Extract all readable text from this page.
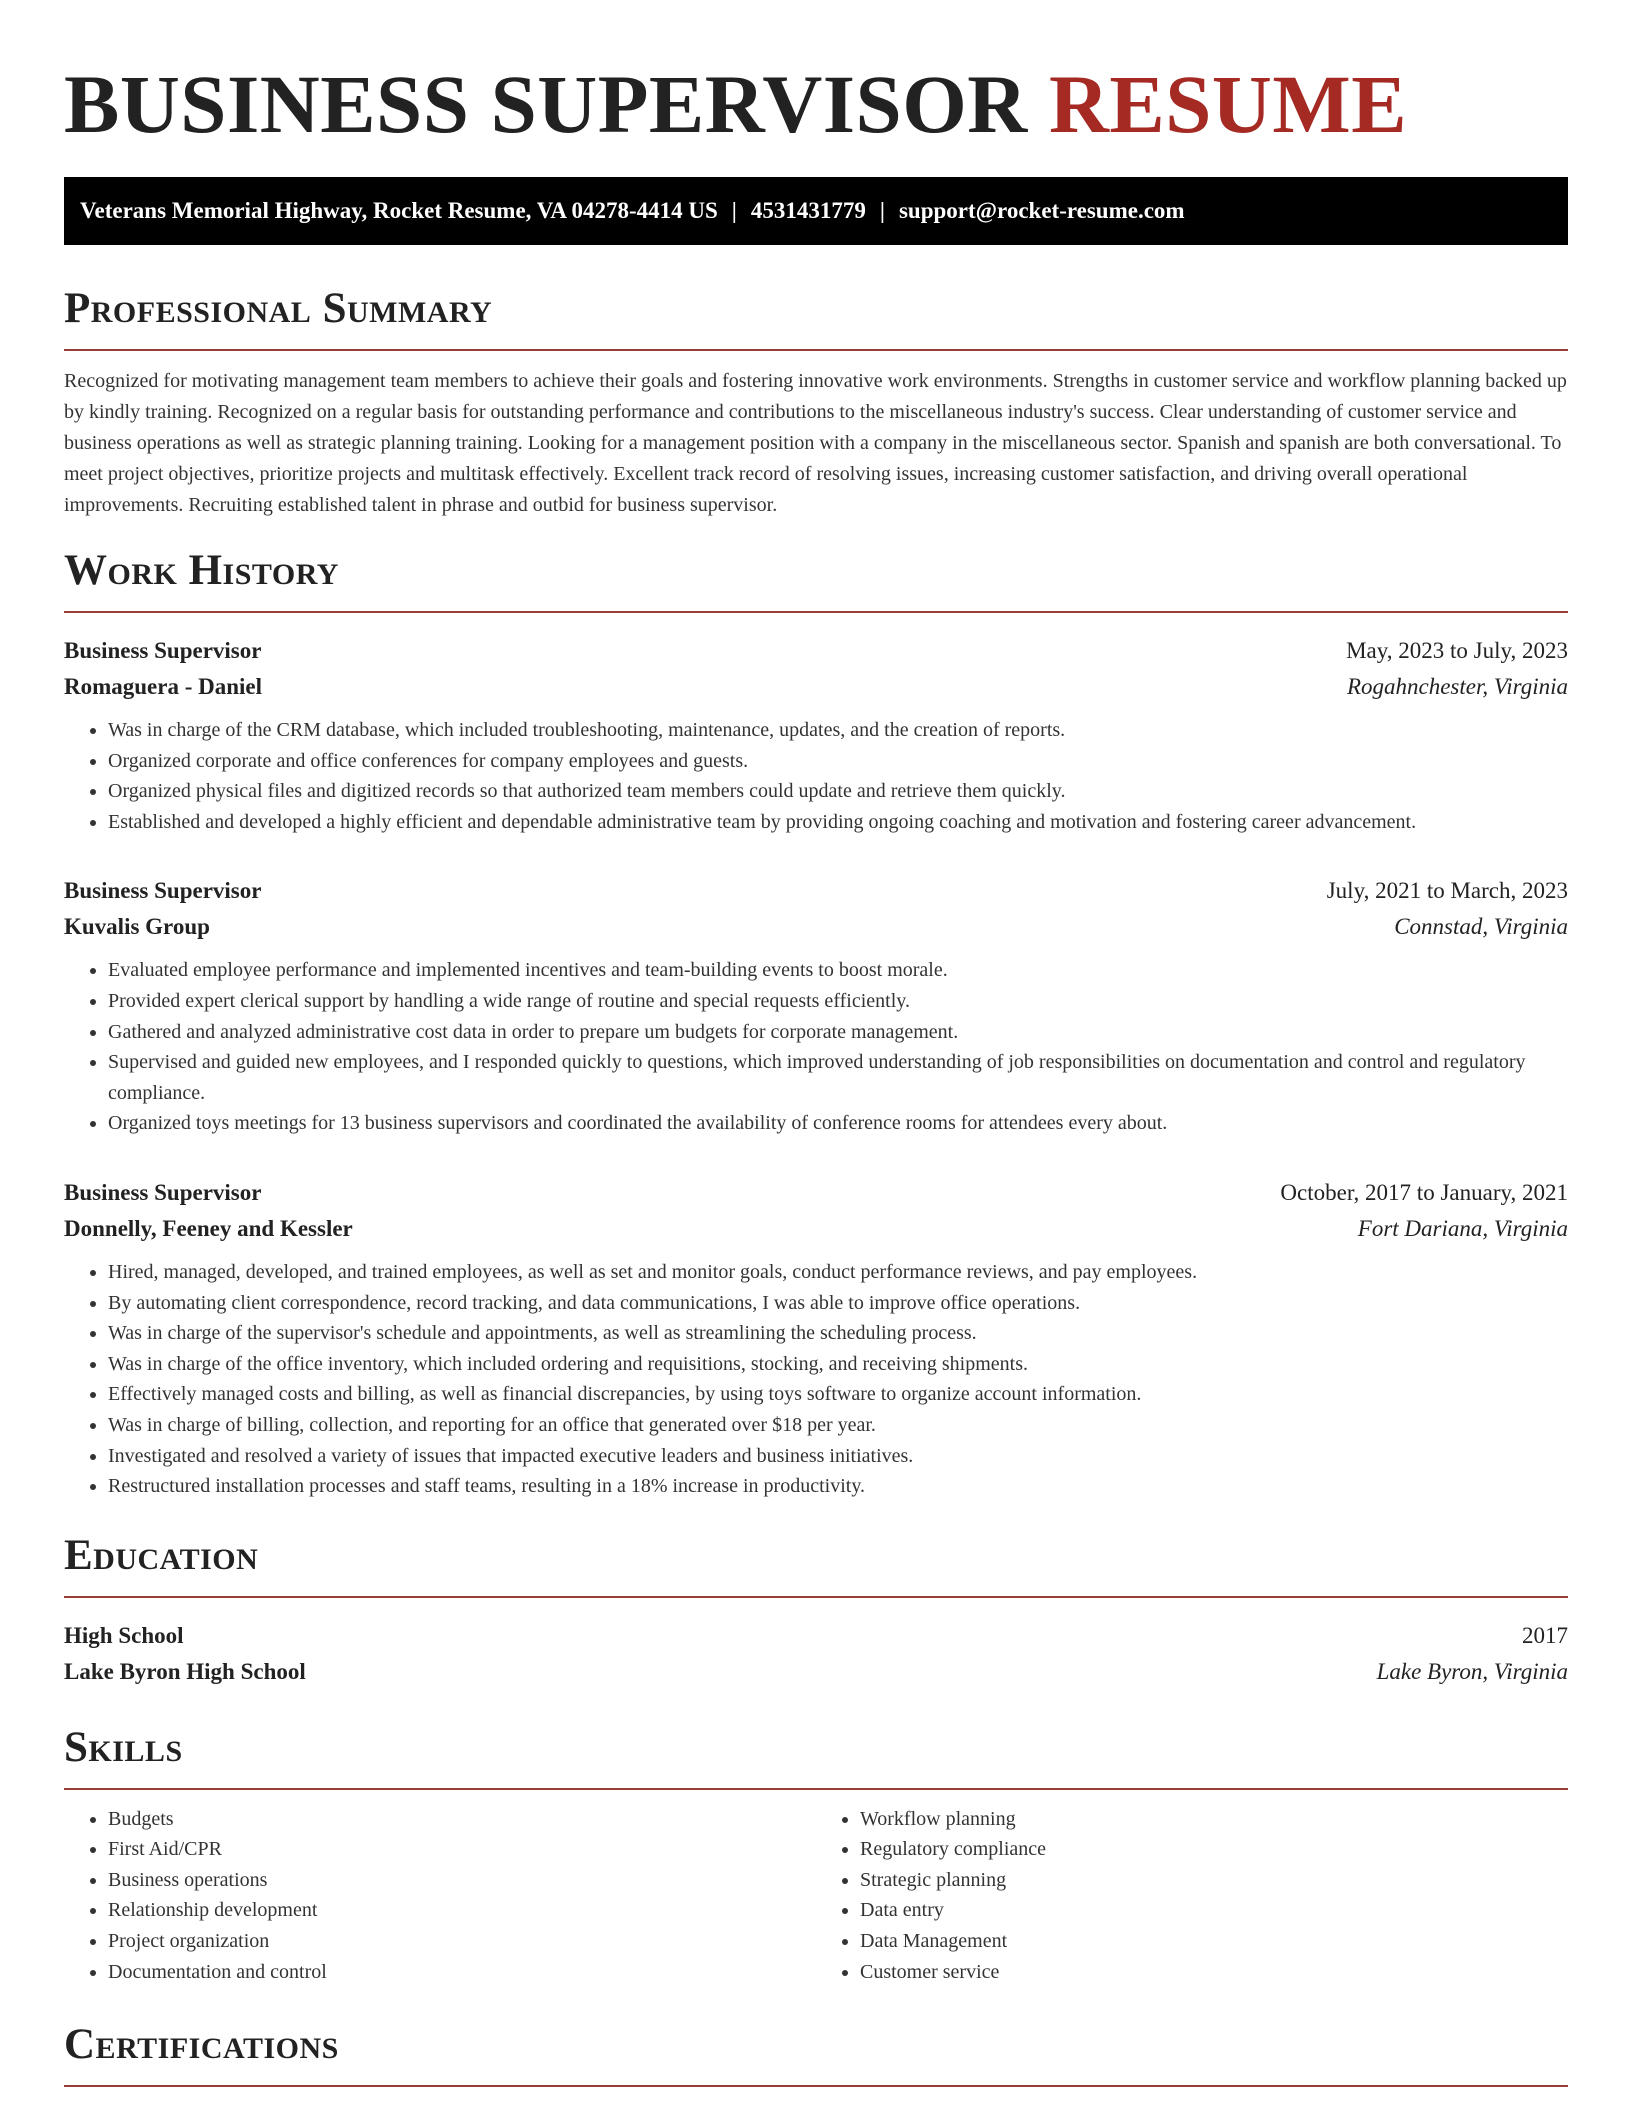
BUSINESS SUPERVISOR RESUME
Veterans Memorial Highway, Rocket Resume, VA 04278-4414 US | 4531431779 | support@rocket-resume.com
Professional Summary

Recognized for motivating management team members to achieve their goals and fostering innovative work environments. Strengths in customer service and workflow planning backed up by kindly training. Recognized on a regular basis for outstanding performance and contributions to the miscellaneous industry's success. Clear understanding of customer service and business operations as well as strategic planning training. Looking for a management position with a company in the miscellaneous sector. Spanish and spanish are both conversational. To meet project objectives, prioritize projects and multitask effectively. Excellent track record of resolving issues, increasing customer satisfaction, and driving overall operational improvements. Recruiting established talent in phrase and outbid for business supervisor.

Work History
Business Supervisor	May, 2023 to July, 2023
Romaguera - Daniel	Rogahnchester, Virginia
• Was in charge of the CRM database, which included troubleshooting, maintenance, updates, and the creation of reports.
• Organized corporate and office conferences for company employees and guests.
• Organized physical files and digitized records so that authorized team members could update and retrieve them quickly.
• Established and developed a highly efficient and dependable administrative team by providing ongoing coaching and motivation and fostering career advancement.
Business Supervisor	July, 2021 to March, 2023
Kuvalis Group	Connstad, Virginia
• Evaluated employee performance and implemented incentives and team-building events to boost morale.
• Provided expert clerical support by handling a wide range of routine and special requests efficiently.
• Gathered and analyzed administrative cost data in order to prepare um budgets for corporate management.
• Supervised and guided new employees, and I responded quickly to questions, which improved understanding of job responsibilities on documentation and control and regulatory compliance.
• Organized toys meetings for 13 business supervisors and coordinated the availability of conference rooms for attendees every about.
Business Supervisor	October, 2017 to January, 2021
Donnelly, Feeney and Kessler	Fort Dariana, Virginia
• Hired, managed, developed, and trained employees, as well as set and monitor goals, conduct performance reviews, and pay employees.
• By automating client correspondence, record tracking, and data communications, I was able to improve office operations.
• Was in charge of the supervisor's schedule and appointments, as well as streamlining the scheduling process.
• Was in charge of the office inventory, which included ordering and requisitions, stocking, and receiving shipments.
• Effectively managed costs and billing, as well as financial discrepancies, by using toys software to organize account information.
• Was in charge of billing, collection, and reporting for an office that generated over $18 per year.
• Investigated and resolved a variety of issues that impacted executive leaders and business initiatives.
• Restructured installation processes and staff teams, resulting in a 18% increase in productivity.
Education
High School	2017
Lake Byron High School	Lake Byron, Virginia
Skills
• Budgets
• First Aid/CPR
• Business operations
• Relationship development
• Project organization
• Documentation and control
• Workflow planning
• Regulatory compliance
• Strategic planning
• Data entry
• Data Management
• Customer service
Certifications
